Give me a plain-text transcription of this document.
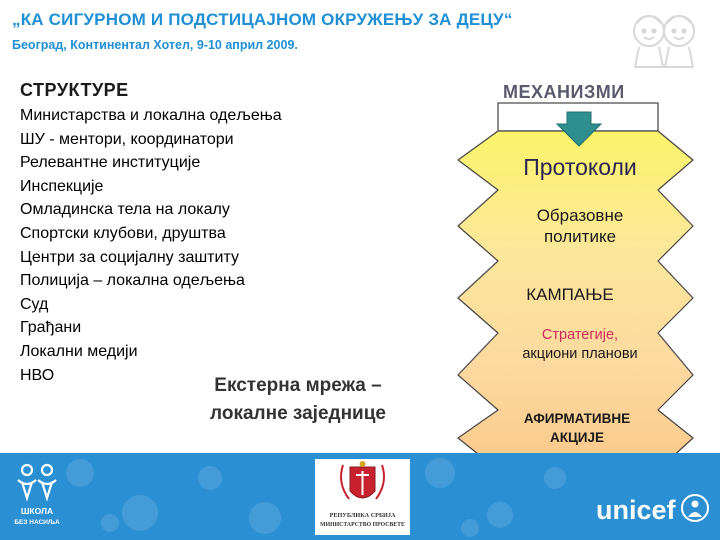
„КА СИГУРНОМ И ПОДСТИЦАЈНОМ ОКРУЖЕЊУ ЗА ДЕЦУ“
Београд, Континентал Хотел, 9-10 април 2009.
СТРУКТУРЕ
Министарства и локална одељења
ШУ - ментори, координатори
Релевантне институције
Инспекције
Омладинска тела на локалу
Спортски клубови, друштва
Центри за социјалну заштиту
Полиција – локална одељења
Суд
Грађани
Локални медији
НВО	Екстерна мрежа –
локалне заједнице
МЕХАНИЗМИ
Протоколи
Образовне
политике
КАМПАЊЕ
Стратегије,
акциони планови
АФИРМАТИВНЕ
АКЦИЈЕ
ШКОЛА
БЕЗ НАСИЉА
РЕПУБЛИКА СРБИЈА
МИНИСТАРСТВО ПРОСВЕТЕ	unicef
